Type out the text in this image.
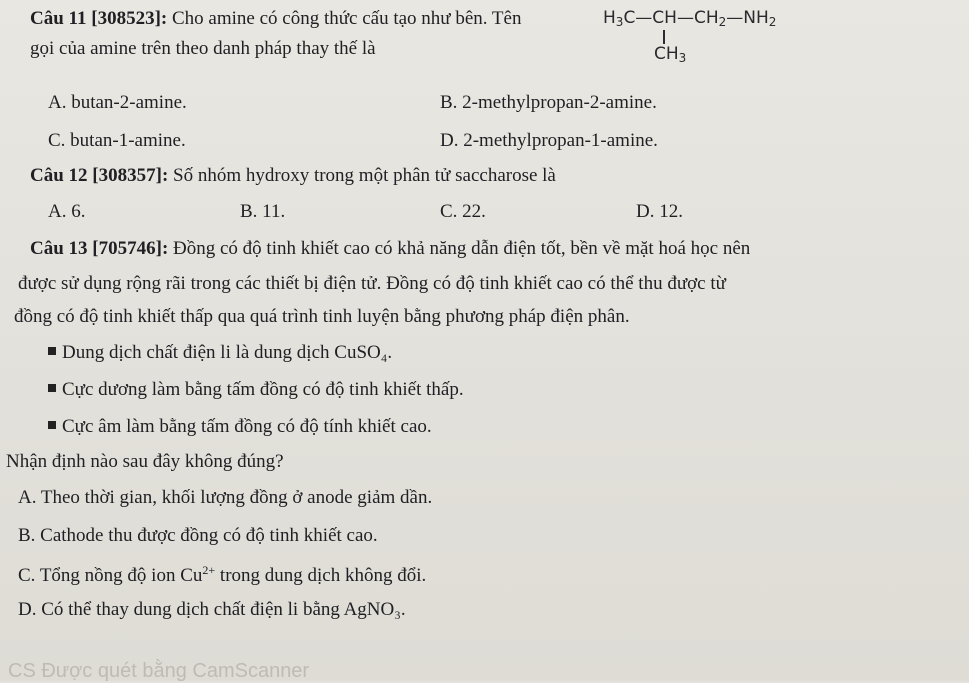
Câu 11 [308523]: Cho amine có công thức cấu tạo như bên. Tên
gọi của amine trên theo danh pháp thay thế là
$H_3C—CH—CH_2—NH_2$
$CH_3$
A. butan-2-amine.	B. 2-methylpropan-2-amine.
C. butan-1-amine.	D. 2-methylpropan-1-amine.
Câu 12 [308357]: Số nhóm hydroxy trong một phân tử saccharose là
A. 6.	B. 11.	C. 22.	D. 12.
Câu 13 [705746]: Đồng có độ tinh khiết cao có khả năng dẫn điện tốt, bền về mặt hoá học nên
được sử dụng rộng rãi trong các thiết bị điện tử. Đồng có độ tinh khiết cao có thể thu được từ
đồng có độ tinh khiết thấp qua quá trình tinh luyện bằng phương pháp điện phân.
Dung dịch chất điện li là dung dịch CuSO₄.
Cực dương làm bằng tấm đồng có độ tinh khiết thấp.
Cực âm làm bằng tấm đồng có độ tính khiết cao.
Nhận định nào sau đây không đúng?
A. Theo thời gian, khối lượng đồng ở anode giảm dần.
B. Cathode thu được đồng có độ tinh khiết cao.
C. Tổng nồng độ ion $Cu^{2+}$ trong dung dịch không đổi.
D. Có thể thay dung dịch chất điện li bằng AgNO₃.
CS Được quét bằng CamScanner
